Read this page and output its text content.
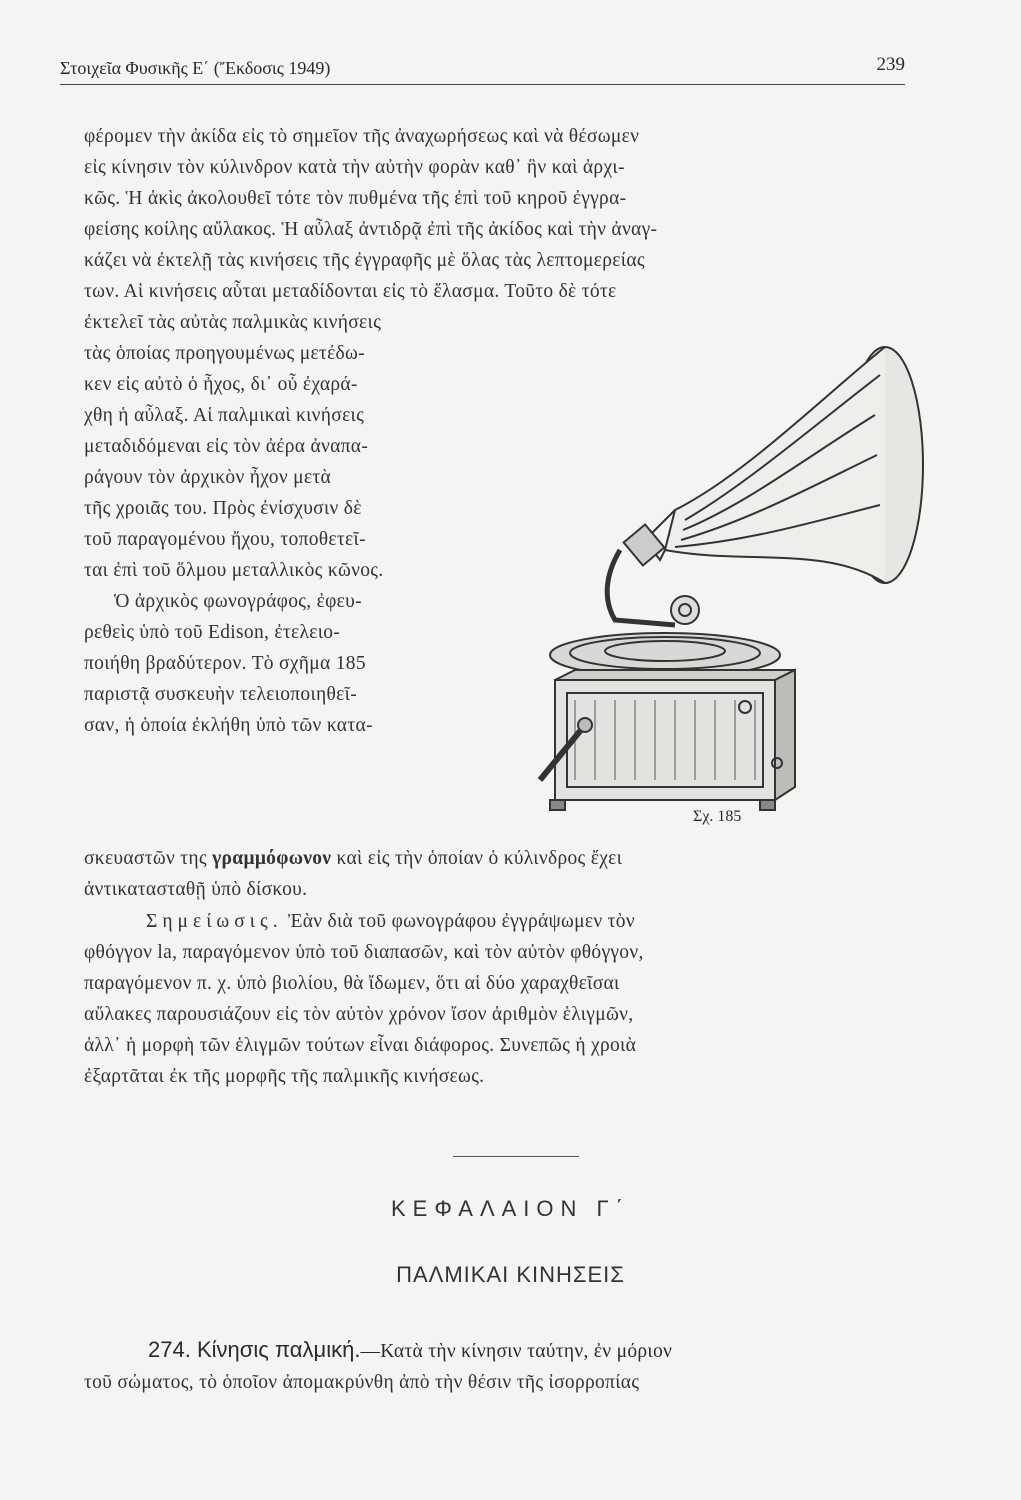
Στοιχεῖα Φυσικῆς Ε΄ (Ἔκδοσις 1949)	239
φέρομεν τὴν ἀκίδα εἰς τὸ σημεῖον τῆς ἀναχωρήσεως καὶ νὰ θέσωμεν
εἰς κίνησιν τὸν κύλινδρον κατὰ τὴν αὐτὴν φορὰν καθ᾽ ἣν καὶ ἀρχι-
κῶς. Ἡ ἀκὶς ἀκολουθεῖ τότε τὸν πυθμένα τῆς ἐπὶ τοῦ κηροῦ ἐγγρα-
φείσης κοίλης αὔλακος. Ἡ αὖλαξ ἀντιδρᾷ ἐπὶ τῆς ἀκίδος καὶ τὴν ἀναγ-
κάζει νὰ ἐκτελῇ τὰς κινήσεις τῆς ἐγγραφῆς μὲ ὅλας τὰς λεπτομερείας
των. Αἱ κινήσεις αὗται μεταδίδονται εἰς τὸ ἔλασμα. Τοῦτο δὲ τότε
ἐκτελεῖ τὰς αὐτὰς παλμικὰς κινήσεις
τὰς ὁποίας προηγουμένως μετέδω-
κεν εἰς αὐτὸ ὁ ἦχος, δι᾽ οὗ ἐχαρά-
χθη ἡ αὖλαξ. Αἱ παλμικαὶ κινήσεις
μεταδιδόμεναι εἰς τὸν ἀέρα ἀναπα-
ράγουν τὸν ἀρχικὸν ἦχον μετὰ
τῆς χροιᾶς του. Πρὸς ἐνίσχυσιν δὲ
τοῦ παραγομένου ἤχου, τοποθετεῖ-
ται ἐπὶ τοῦ ὅλμου μεταλλικὸς κῶνος.
Ὁ ἀρχικὸς φωνογράφος, ἐφευ-
ρεθεὶς ὑπὸ τοῦ Edison, ἐτελειο-
ποιήθη βραδύτερον. Τὸ σχῆμα 185
παριστᾷ συσκευὴν τελειοποιηθεῖ-
σαν, ἡ ὁποία ἐκλήθη ὑπὸ τῶν κατα-
Σχ. 185
σκευαστῶν της γραμμόφωνον καὶ εἰς τὴν ὁποίαν ὁ κύλινδρος ἔχει
ἀντικατασταθῇ ὑπὸ δίσκου.
Σημείωσις. Ἐὰν διὰ τοῦ φωνογράφου ἐγγράψωμεν τὸν
φθόγγον la, παραγόμενον ὑπὸ τοῦ διαπασῶν, καὶ τὸν αὐτὸν φθόγγον,
παραγόμενον π. χ. ὑπὸ βιολίου, θὰ ἴδωμεν, ὅτι αἱ δύο χαραχθεῖσαι
αὔλακες παρουσιάζουν εἰς τὸν αὐτὸν χρόνον ἴσον ἀριθμὸν ἑλιγμῶν,
ἀλλ᾽ ἡ μορφὴ τῶν ἑλιγμῶν τούτων εἶναι διάφορος. Συνεπῶς ἡ χροιὰ
ἐξαρτᾶται ἐκ τῆς μορφῆς τῆς παλμικῆς κινήσεως.
ΚΕΦΑΛΑΙΟΝ Γ΄
ΠΑΛΜΙΚΑΙ ΚΙΝΗΣΕΙΣ
274. Κίνησις παλμική.—Κατὰ τὴν κίνησιν ταύτην, ἐν μόριον
τοῦ σώματος, τὸ ὁποῖον ἀπομακρύνθη ἀπὸ τὴν θέσιν τῆς ἰσορροπίας
